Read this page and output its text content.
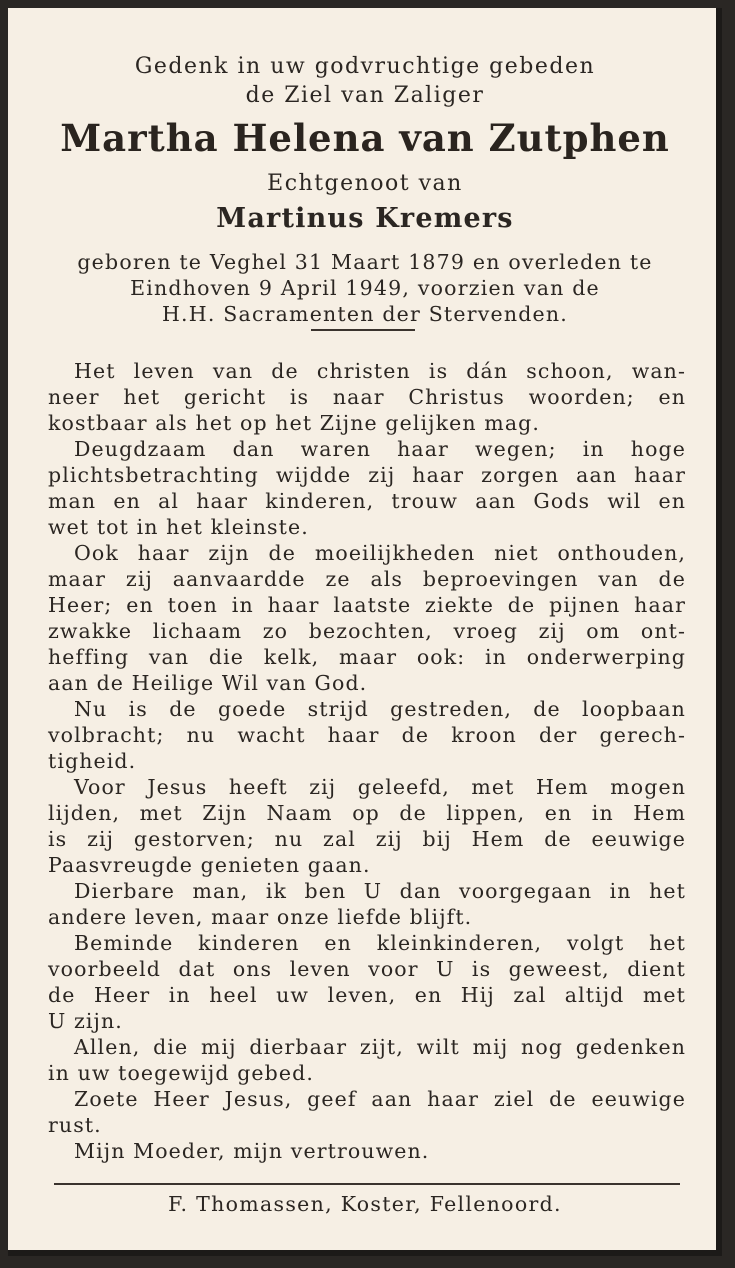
Gedenk in uw godvruchtige gebeden
de Ziel van Zaliger
Martha Helena van Zutphen
Echtgenoot van
Martinus Kremers
geboren te Veghel 31 Maart 1879 en overleden te
Eindhoven 9 April 1949, voorzien van de
H.H. Sacramenten der Stervenden.
Het leven van de christen is dán schoon, wan-
neer het gericht is naar Christus woorden; en
kostbaar als het op het Zijne gelijken mag.
Deugdzaam dan waren haar wegen; in hoge
plichtsbetrachting wijdde zij haar zorgen aan haar
man en al haar kinderen, trouw aan Gods wil en
wet tot in het kleinste.
Ook haar zijn de moeilijkheden niet onthouden,
maar zij aanvaardde ze als beproevingen van de
Heer; en toen in haar laatste ziekte de pijnen haar
zwakke lichaam zo bezochten, vroeg zij om ont-
heffing van die kelk, maar ook: in onderwerping
aan de Heilige Wil van God.
Nu is de goede strijd gestreden, de loopbaan
volbracht; nu wacht haar de kroon der gerech-
tigheid.
Voor Jesus heeft zij geleefd, met Hem mogen
lijden, met Zijn Naam op de lippen, en in Hem
is zij gestorven; nu zal zij bij Hem de eeuwige
Paasvreugde genieten gaan.
Dierbare man, ik ben U dan voorgegaan in het
andere leven, maar onze liefde blijft.
Beminde kinderen en kleinkinderen, volgt het
voorbeeld dat ons leven voor U is geweest, dient
de Heer in heel uw leven, en Hij zal altijd met
U zijn.
Allen, die mij dierbaar zijt, wilt mij nog gedenken
in uw toegewijd gebed.
Zoete Heer Jesus, geef aan haar ziel de eeuwige
rust.
Mijn Moeder, mijn vertrouwen.
F. Thomassen, Koster, Fellenoord.
